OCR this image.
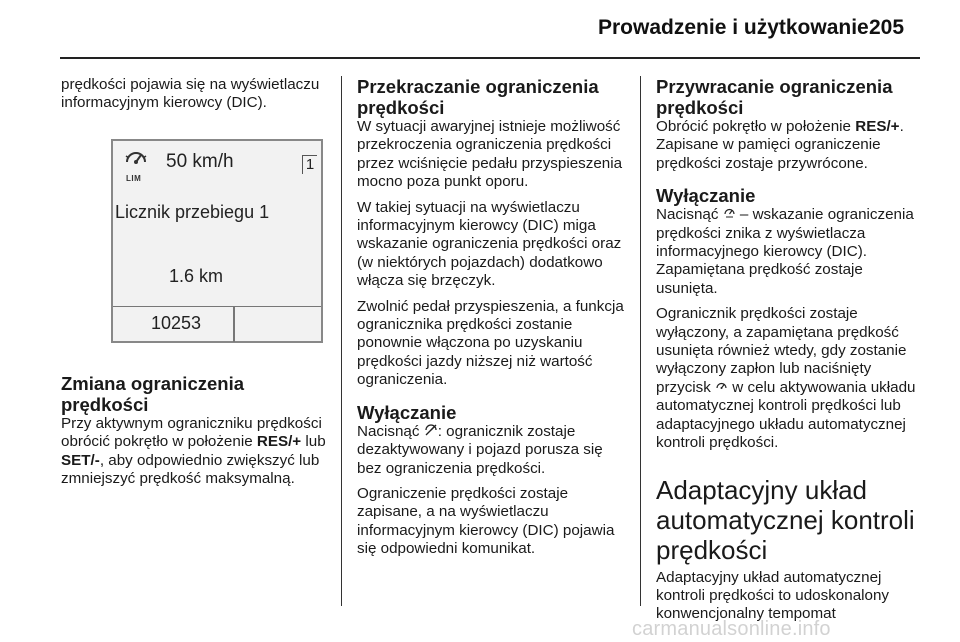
Prowadzenie i użytkowanie 205

prędkości pojawia się na wyświetlaczu informacyjnym kierowcy (DIC).

LIM
50 km/h	1
Licznik przebiegu 1
1.6 km
10253
Zmiana ograniczenia prędkości

Przy aktywnym ograniczniku prędkości obrócić pokrętło w położenie RES/+ lub SET/-, aby odpowiednio zwiększyć lub zmniejszyć prędkość maksymalną.

Przekraczanie ograniczenia prędkości

W sytuacji awaryjnej istnieje możliwość przekroczenia ograniczenia prędkości przez wciśnięcie pedału przyspieszenia mocno poza punkt oporu.

W takiej sytuacji na wyświetlaczu informacyjnym kierowcy (DIC) miga wskazanie ograniczenia prędkości oraz (w niektórych pojazdach) dodatkowo włącza się brzęczyk.

Zwolnić pedał przyspieszenia, a funkcja ogranicznika prędkości zostanie ponownie włączona po uzyskaniu prędkości jazdy niższej niż wartość ograniczenia.

Wyłączanie

Nacisnąć : ogranicznik zostaje dezaktywowany i pojazd porusza się bez ograniczenia prędkości.

Ograniczenie prędkości zostaje zapisane, a na wyświetlaczu informacyjnym kierowcy (DIC) pojawia się odpowiedni komunikat.

Przywracanie ograniczenia prędkości

Obrócić pokrętło w położenie RES/+. Zapisane w pamięci ograniczenie prędkości zostaje przywrócone.

Wyłączanie

Nacisnąć  – wskazanie ograniczenia prędkości znika z wyświetlacza informacyjnego kierowcy (DIC). Zapamiętana prędkość zostaje usunięta.

Ogranicznik prędkości zostaje wyłączony, a zapamiętana prędkość usunięta również wtedy, gdy zostanie wyłączony zapłon lub naciśnięty przycisk  w celu aktywowania układu automatycznej kontroli prędkości lub adaptacyjnego układu automatycznej kontroli prędkości.

Adaptacyjny układ automatycznej kontroli prędkości

Adaptacyjny układ automatycznej kontroli prędkości to udoskonalony konwencjonalny tempomat

carmanualsonline.info
